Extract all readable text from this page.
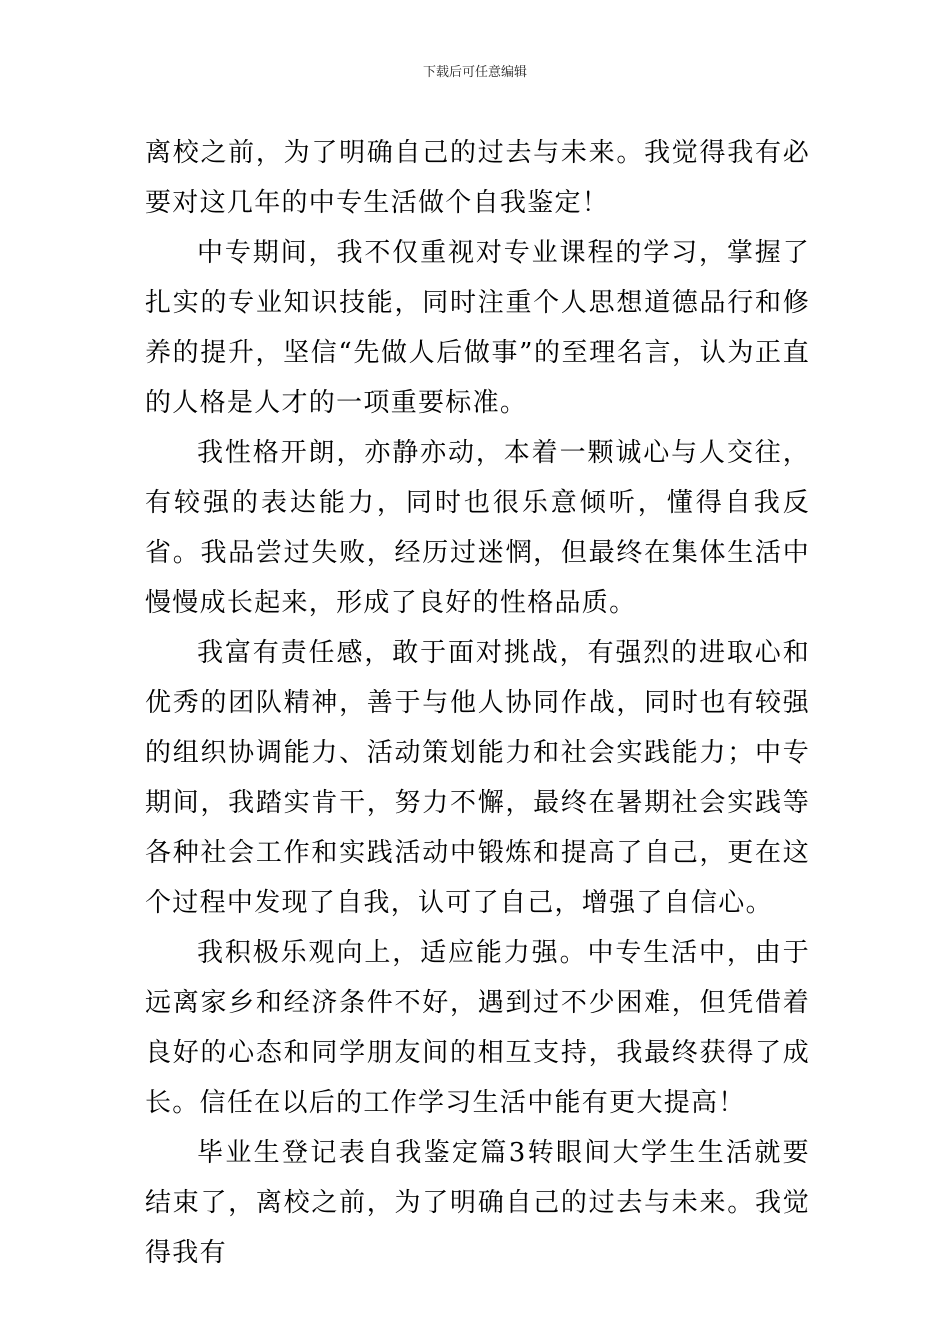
下载后可任意编辑

离校之前，为了明确自己的过去与未来。我觉得我有必要对这几年的中专生活做个自我鉴定！

中专期间，我不仅重视对专业课程的学习，掌握了扎实的专业知识技能，同时注重个人思想道德品行和修养的提升，坚信“先做人后做事”的至理名言，认为正直的人格是人才的一项重要标准。

我性格开朗，亦静亦动，本着一颗诚心与人交往，有较强的表达能力，同时也很乐意倾听，懂得自我反省。我品尝过失败，经历过迷惘，但最终在集体生活中慢慢成长起来，形成了良好的性格品质。

我富有责任感，敢于面对挑战，有强烈的进取心和优秀的团队精神，善于与他人协同作战，同时也有较强的组织协调能力、活动策划能力和社会实践能力；中专期间，我踏实肯干，努力不懈，最终在暑期社会实践等各种社会工作和实践活动中锻炼和提高了自己，更在这个过程中发现了自我，认可了自己，增强了自信心。

我积极乐观向上，适应能力强。中专生活中，由于远离家乡和经济条件不好，遇到过不少困难，但凭借着良好的心态和同学朋友间的相互支持，我最终获得了成长。信任在以后的工作学习生活中能有更大提高！

毕业生登记表自我鉴定篇3转眼间大学生生活就要结束了，离校之前，为了明确自己的过去与未来。我觉得我有
